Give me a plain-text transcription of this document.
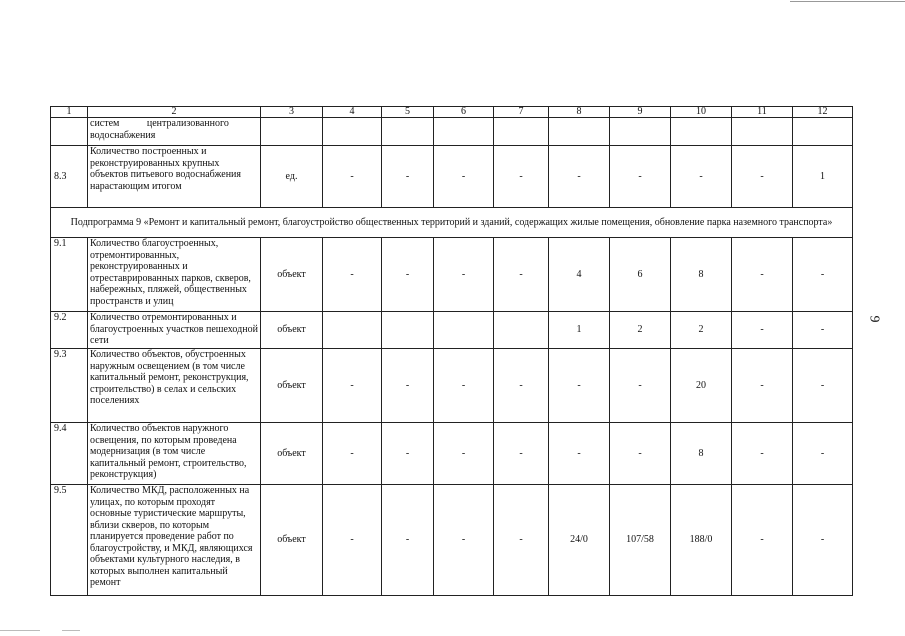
9
1	2	3	4	5	6	7	8	9	10	11	12

	систем           централизованного
водоснабжения										

8.3	Количество построенных и реконструированных крупных объектов питьевого водоснабжения нарастающим итогом	ед.	-	-	-	-	-	-	-	-	1
Подпрограмма 9 «Ремонт и капитальный ремонт, благоустройство общественных территорий и зданий, содержащих жилые помещения, обновление парка наземного транспорта»											
9.1	Количество благоустроенных, отремонтированных, реконструированных и отреставрированных парков, скверов, набережных, пляжей, общественных пространств и улиц	объект	-	-	-	-	4	6	8	-	-
9.2	Количество отремонтированных и благоустроенных участков пешеходной сети	объект					1	2	2	-	-
9.3	Количество объектов, обустроенных наружным освещением (в том числе капитальный ремонт, реконструкция, строительство) в селах и сельских поселениях	объект	-	-	-	-	-	-	20	-	-
9.4	Количество объектов наружного освещения, по которым проведена модернизация (в том числе капитальный ремонт, строительство, реконструкция)	объект	-	-	-	-	-	-	8	-	-
9.5	Количество МКД, расположенных на улицах, по которым проходят основные туристические маршруты, вблизи скверов, по которым планируется проведение работ по благоустройству, и МКД, являющихся объектами культурного наследия, в которых выполнен капитальный ремонт	объект	-	-	-	-	24/0	107/58	188/0	-	-
